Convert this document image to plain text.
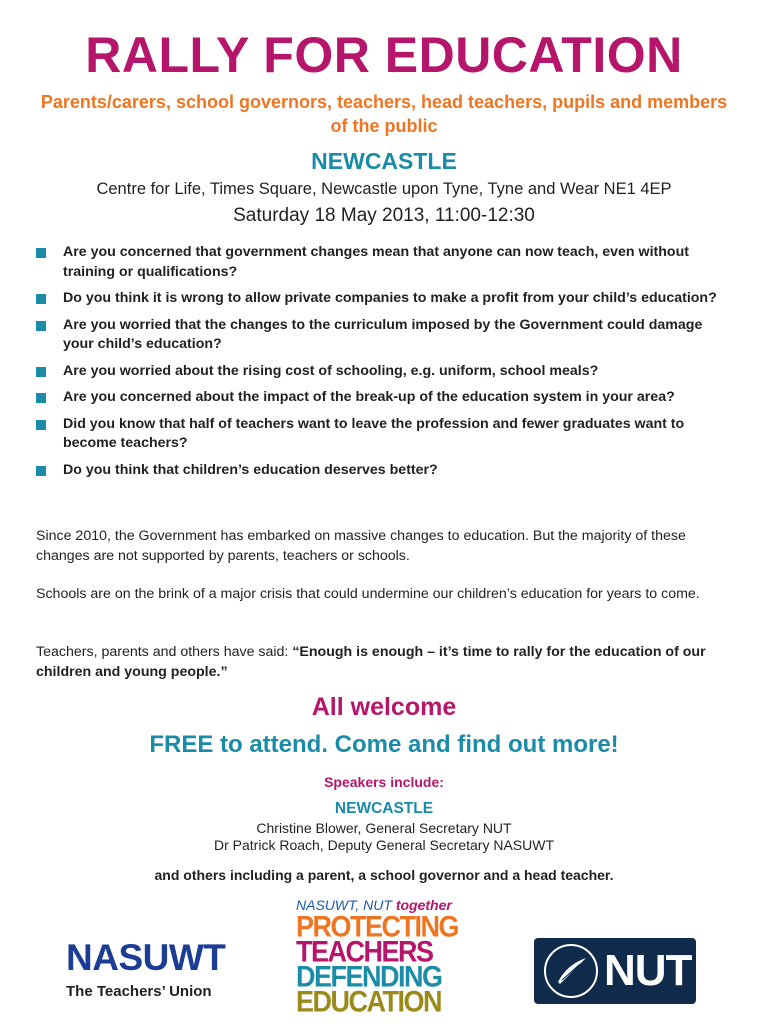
RALLY FOR EDUCATION
Parents/carers, school governors, teachers, head teachers, pupils and members of the public
NEWCASTLE
Centre for Life, Times Square, Newcastle upon Tyne, Tyne and Wear NE1 4EP
Saturday 18 May 2013, 11:00-12:30
Are you concerned that government changes mean that anyone can now teach, even without training or qualifications?
Do you think it is wrong to allow private companies to make a profit from your child’s education?
Are you worried that the changes to the curriculum imposed by the Government could damage your child’s education?
Are you worried about the rising cost of schooling, e.g. uniform, school meals?
Are you concerned about the impact of the break-up of the education system in your area?
Did you know that half of teachers want to leave the profession and fewer graduates want to become teachers?
Do you think that children’s education deserves better?

Since 2010, the Government has embarked on massive changes to education. But the majority of these changes are not supported by parents, teachers or schools.

Schools are on the brink of a major crisis that could undermine our children’s education for years to come.

Teachers, parents and others have said: “Enough is enough – it’s time to rally for the education of our children and young people.”

All welcome
FREE to attend. Come and find out more!
Speakers include:
NEWCASTLE
Christine Blower, General Secretary NUT
Dr Patrick Roach, Deputy General Secretary NASUWT
and others including a parent, a school governor and a head teacher.
NASUWT
The Teachers’ Union
NASUWT, NUT together
PROTECTING
TEACHERS
DEFENDING
EDUCATION
NUT
